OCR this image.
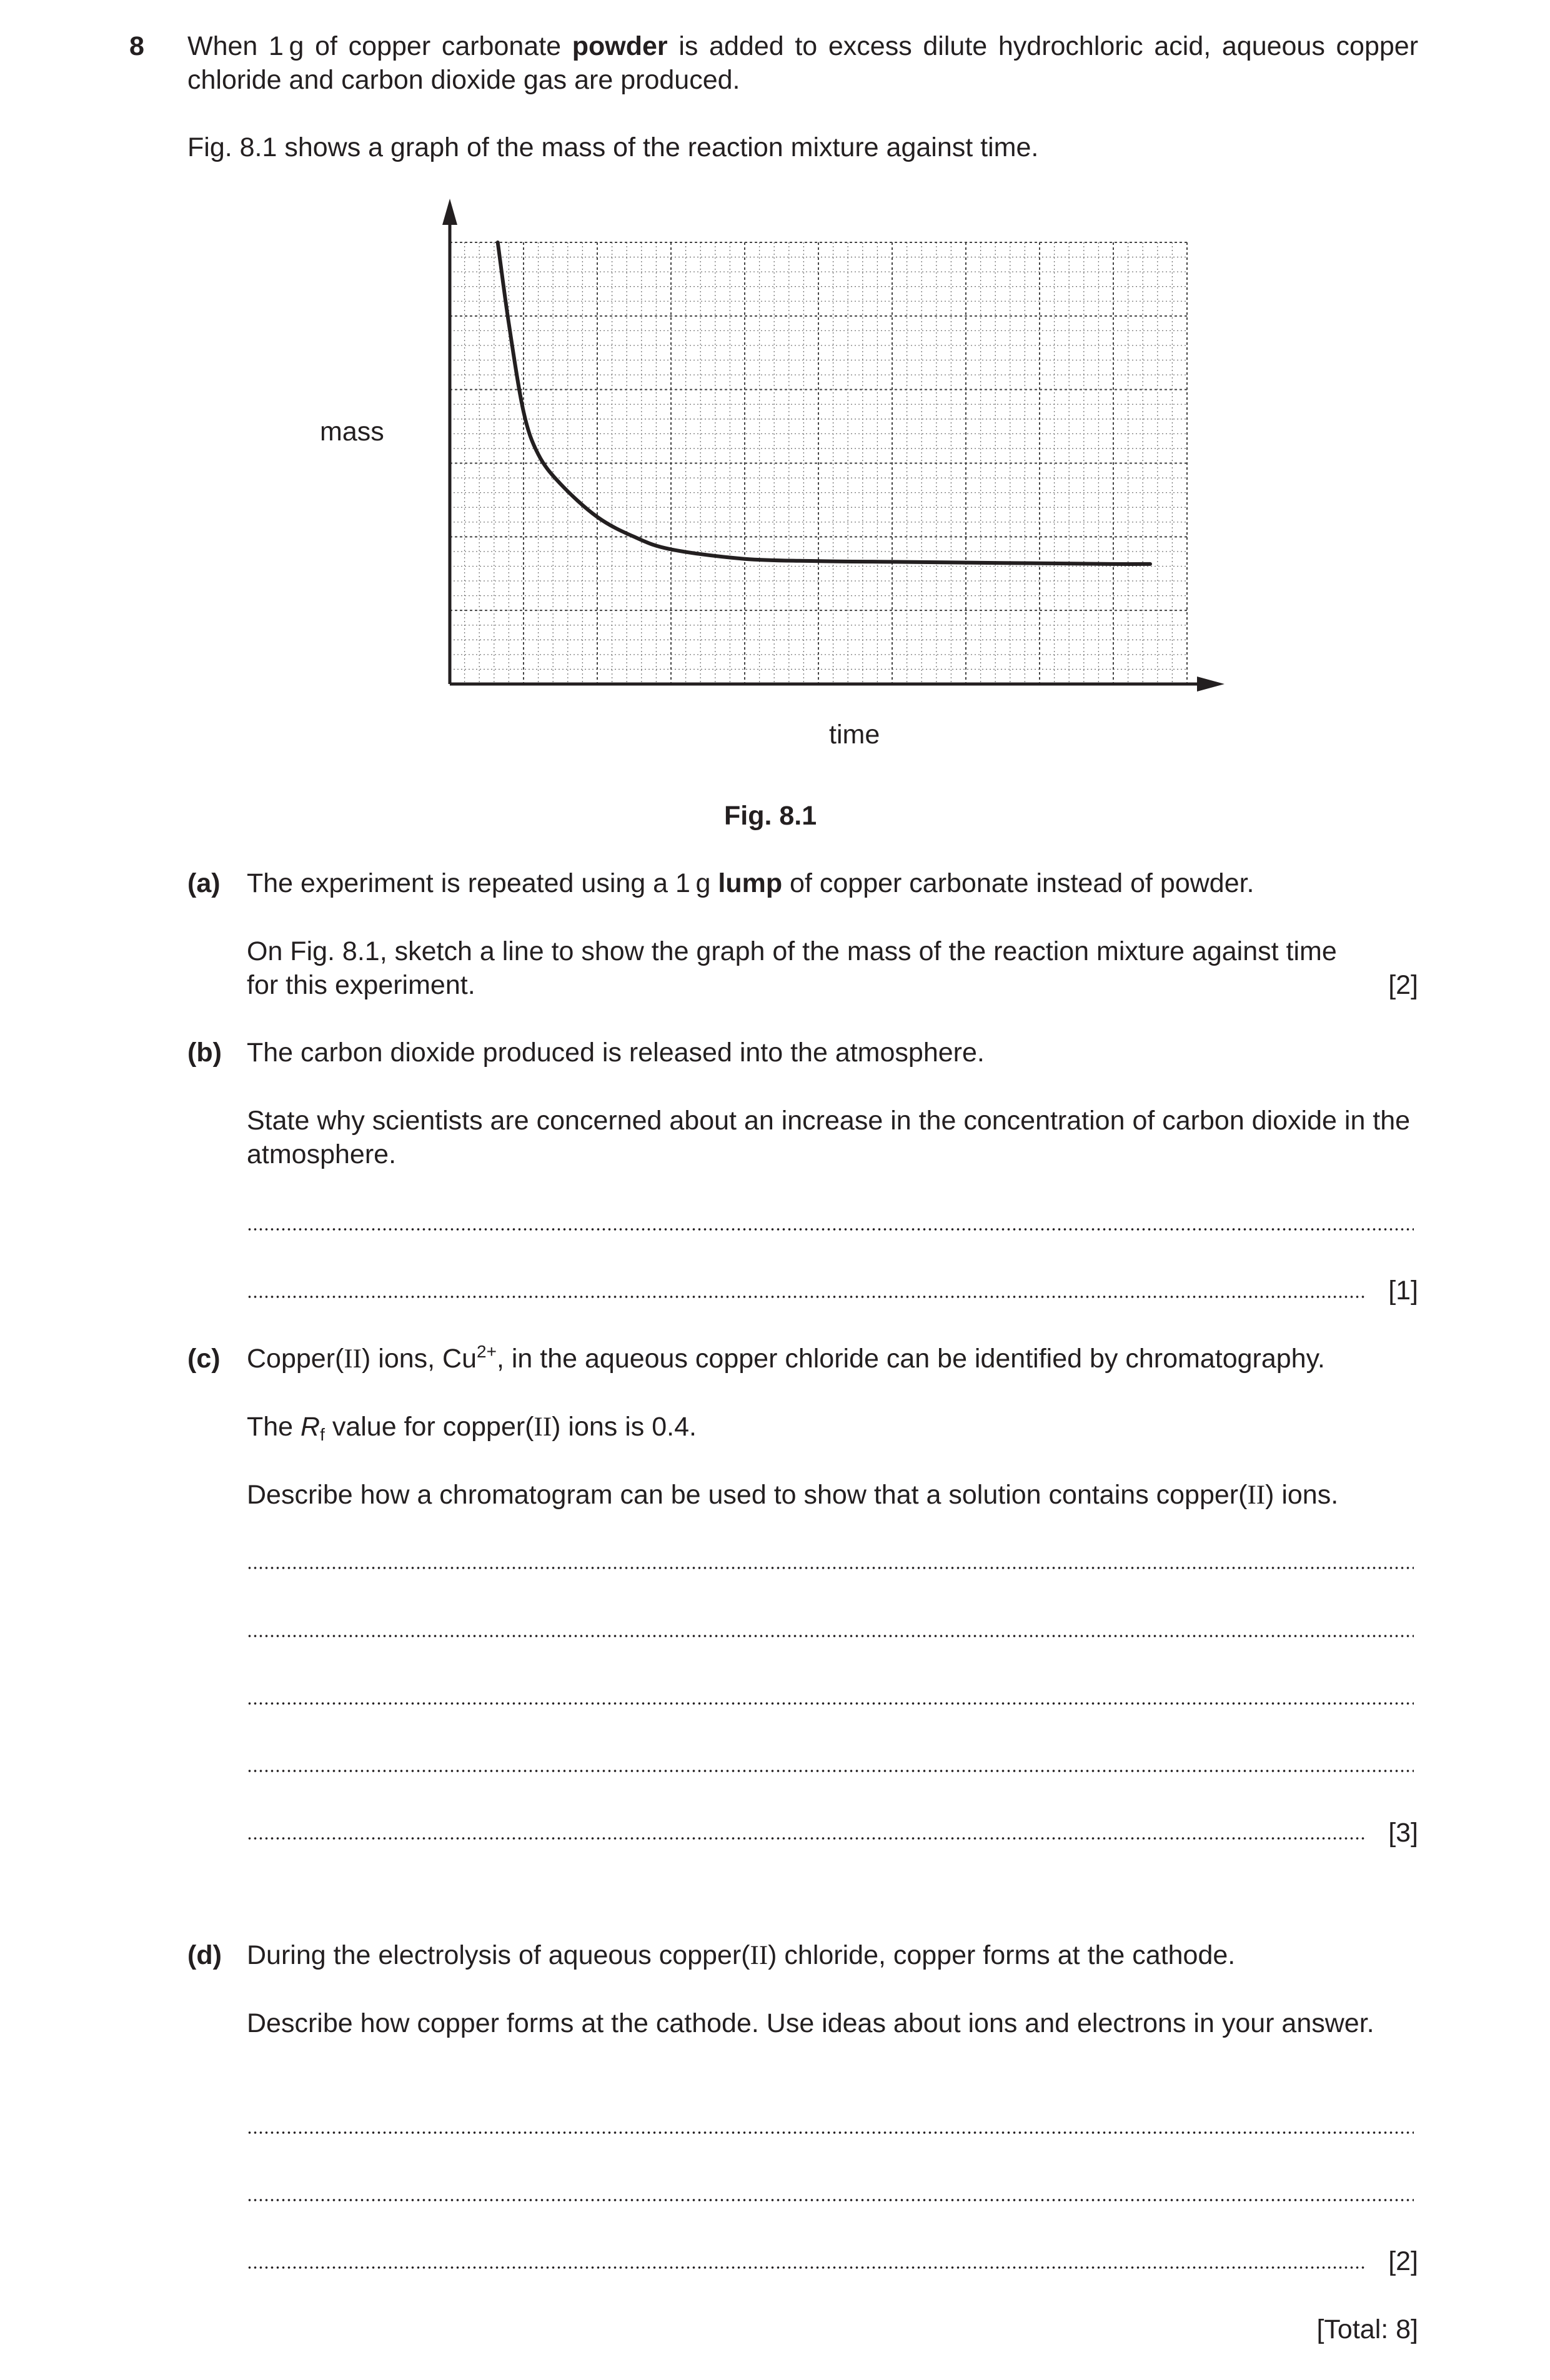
8 When 1 g of copper carbonate powder is added to excess dilute hydrochloric acid, aqueous copper chloride and carbon dioxide gas are produced.
Fig. 8.1 shows a graph of the mass of the reaction mixture against time.
mass
time
Fig. 8.1
(a) The experiment is repeated using a 1 g lump of copper carbonate instead of powder.
On Fig. 8.1, sketch a line to show the graph of the mass of the reaction mixture against time for this experiment.	[2]
(b) The carbon dioxide produced is released into the atmosphere.
State why scientists are concerned about an increase in the concentration of carbon dioxide in the atmosphere.
[1]
(c) Copper(II) ions, $Cu^{2+}$, in the aqueous copper chloride can be identified by chromatography.
The $R_f$ value for copper(II) ions is 0.4.
Describe how a chromatogram can be used to show that a solution contains copper(II) ions.
[3]
(d) During the electrolysis of aqueous copper(II) chloride, copper forms at the cathode.
Describe how copper forms at the cathode. Use ideas about ions and electrons in your answer.
[2]
[Total: 8]
